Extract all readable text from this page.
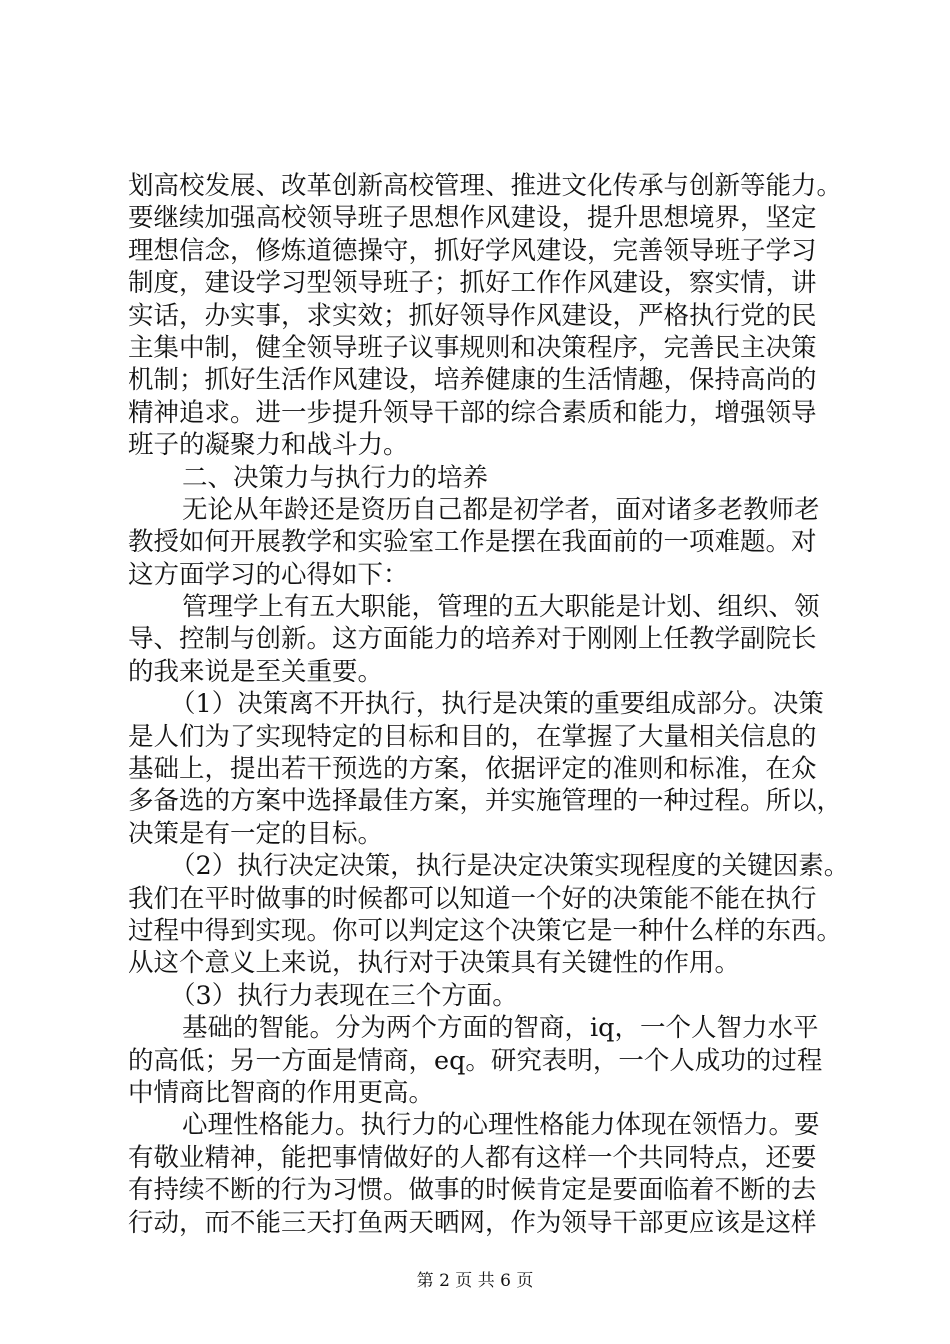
划高校发展、改革创新高校管理、推进文化传承与创新等能力。
要继续加强高校领导班子思想作风建设，提升思想境界，坚定
理想信念，修炼道德操守，抓好学风建设，完善领导班子学习
制度，建设学习型领导班子；抓好工作作风建设，察实情，讲
实话，办实事，求实效；抓好领导作风建设，严格执行党的民
主集中制，健全领导班子议事规则和决策程序，完善民主决策
机制；抓好生活作风建设，培养健康的生活情趣，保持高尚的
精神追求。进一步提升领导干部的综合素质和能力，增强领导
班子的凝聚力和战斗力。
二、决策力与执行力的培养
无论从年龄还是资历自己都是初学者，面对诸多老教师老
教授如何开展教学和实验室工作是摆在我面前的一项难题。对
这方面学习的心得如下：
管理学上有五大职能，管理的五大职能是计划、组织、领
导、控制与创新。这方面能力的培养对于刚刚上任教学副院长
的我来说是至关重要。
（1）决策离不开执行，执行是决策的重要组成部分。决策
是人们为了实现特定的目标和目的，在掌握了大量相关信息的
基础上，提出若干预选的方案，依据评定的准则和标准，在众
多备选的方案中选择最佳方案，并实施管理的一种过程。所以，
决策是有一定的目标。
（2）执行决定决策，执行是决定决策实现程度的关键因素。
我们在平时做事的时候都可以知道一个好的决策能不能在执行
过程中得到实现。你可以判定这个决策它是一种什么样的东西。
从这个意义上来说，执行对于决策具有关键性的作用。
（3）执行力表现在三个方面。
基础的智能。分为两个方面的智商，iq，一个人智力水平
的高低；另一方面是情商，eq。研究表明，一个人成功的过程
中情商比智商的作用更高。
心理性格能力。执行力的心理性格能力体现在领悟力。要
有敬业精神，能把事情做好的人都有这样一个共同特点，还要
有持续不断的行为习惯。做事的时候肯定是要面临着不断的去
行动，而不能三天打鱼两天晒网，作为领导干部更应该是这样
第 2 页 共 6 页
